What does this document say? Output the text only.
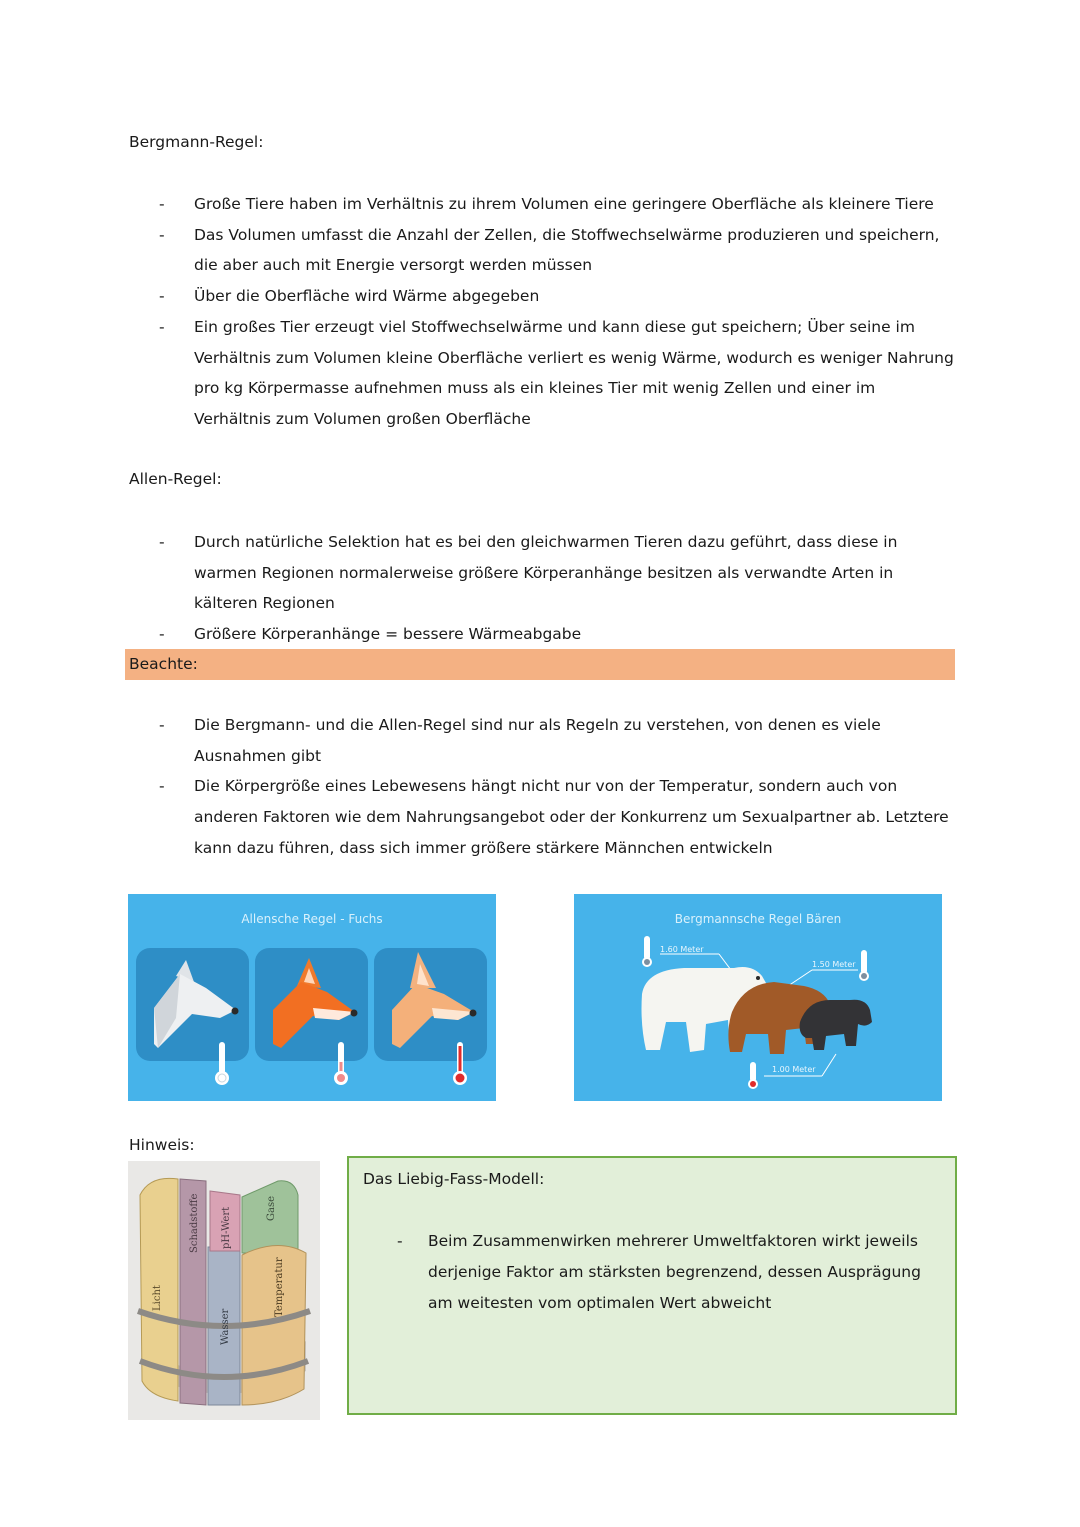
Bergmann-Regel:
- Große Tiere haben im Verhältnis zu ihrem Volumen eine geringere Oberfläche als kleinere Tiere
- Das Volumen umfasst die Anzahl der Zellen, die Stoffwechselwärme produzieren und speichern, die aber auch mit Energie versorgt werden müssen
- Über die Oberfläche wird Wärme abgegeben
- Ein großes Tier erzeugt viel Stoffwechselwärme und kann diese gut speichern; Über seine im Verhältnis zum Volumen kleine Oberfläche verliert es wenig Wärme, wodurch es weniger Nahrung pro kg Körpermasse aufnehmen muss als ein kleines Tier mit wenig Zellen und einer im Verhältnis zum Volumen großen Oberfläche
Allen-Regel:
- Durch natürliche Selektion hat es bei den gleichwarmen Tieren dazu geführt, dass diese in warmen Regionen normalerweise größere Körperanhänge besitzen als verwandte Arten in kälteren Regionen
- Größere Körperanhänge = bessere Wärmeabgabe
Beachte:
- Die Bergmann- und die Allen-Regel sind nur als Regeln zu verstehen, von denen es viele Ausnahmen gibt
- Die Körpergröße eines Lebewesens hängt nicht nur von der Temperatur, sondern auch von anderen Faktoren wie dem Nahrungsangebot oder der Konkurrenz um Sexualpartner ab. Letztere kann dazu führen, dass sich immer größere stärkere Männchen entwickeln
Allensche Regel - Fuchs	Bergmannsche Regel Bären
1.60 Meter
1.50 Meter
1.00 Meter
Hinweis:
Licht
Schadstoffe pH-Wert	Gase
Wasser
Temperatur
Das Liebig-Fass-Modell:
- Beim Zusammenwirken mehrerer Umweltfaktoren wirkt jeweils derjenige Faktor am stärksten begrenzend, dessen Ausprägung am weitesten vom optimalen Wert abweicht
